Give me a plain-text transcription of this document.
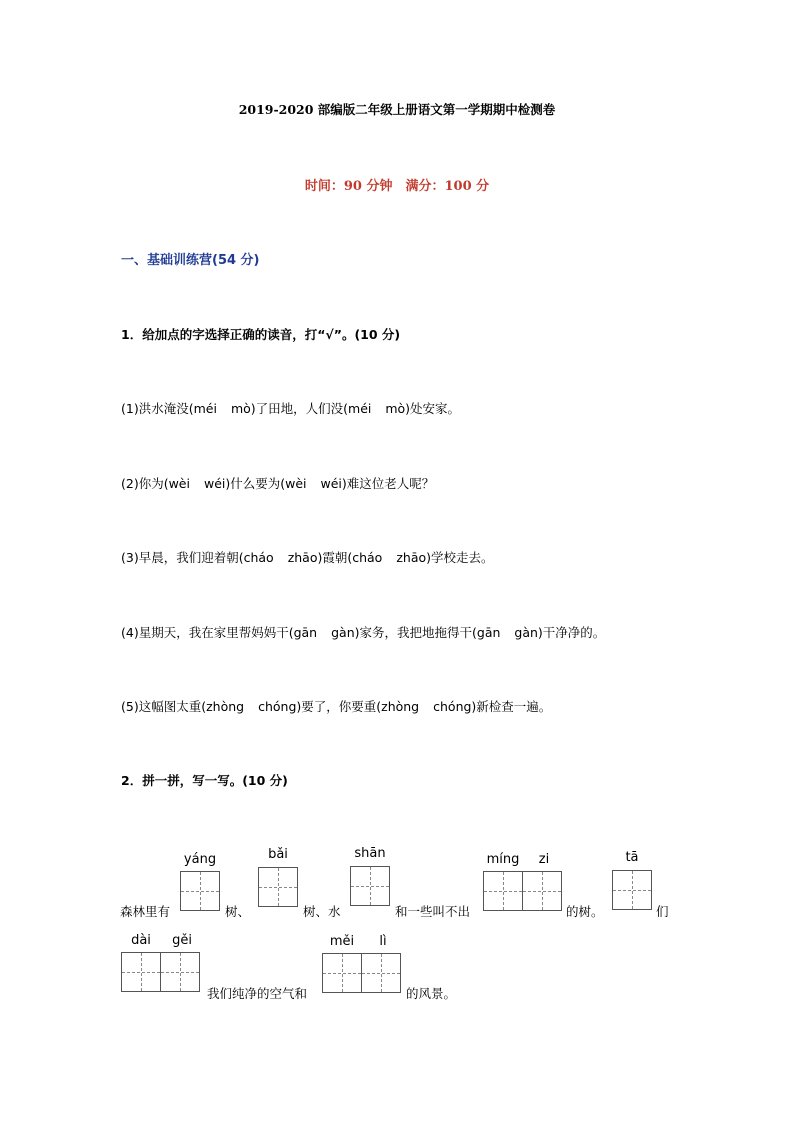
2019-2020 部编版二年级上册语文第一学期期中检测卷
时间：90 分钟　满分：100 分
一、基础训练营(54 分)
1．给加点的字选择正确的读音，打“√”。(10 分)
(1)洪水淹没(méi mò)了田地，人们没(méi mò)处安家。
(2)你为(wèi wéi)什么要为(wèi wéi)难这位老人呢？
(3)早晨，我们迎着朝(cháo zhāo)霞朝(cháo zhāo)学校走去。
(4)星期天，我在家里帮妈妈干(gān gàn)家务，我把地拖得干(gān gàn)干净净的。
(5)这幅图太重(zhòng chóng)要了，你要重(zhòng chóng)新检查一遍。
2．拼一拼，写一写。(10 分)
森林里有
yáng
树、
bǎi
树、水
shān
和一些叫不出
míng	zi
的树。
tā
们
dài	gěi
我们纯净的空气和
měi	lì
的风景。
